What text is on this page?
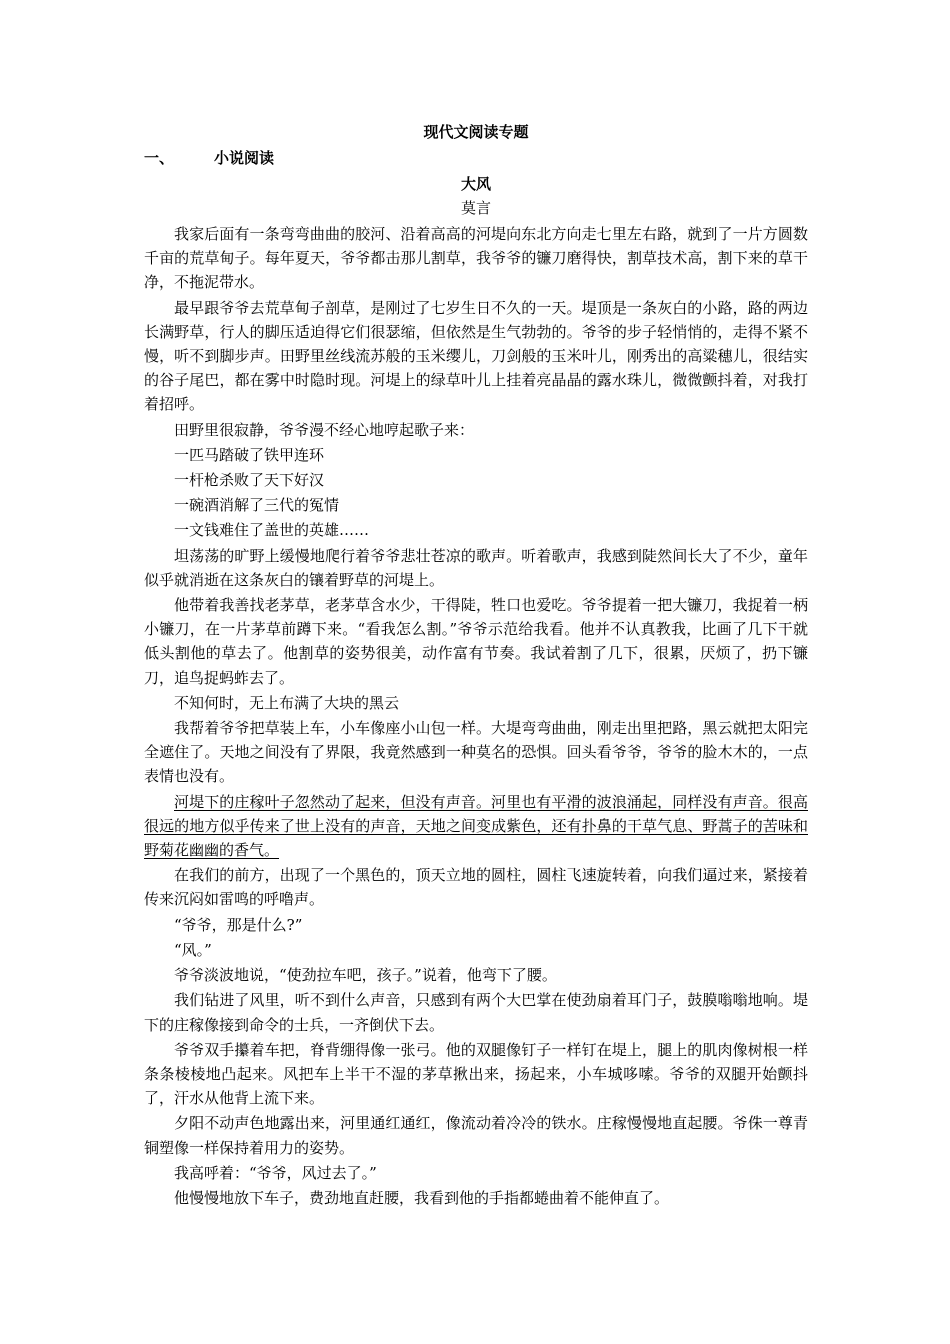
现代文阅读专题
一、	小说阅读
大风
莫言

我家后面有一条弯弯曲曲的胶河、沿着高高的河堤向东北方向走七里左右路，就到了一片方圆数千亩的荒草甸子。每年夏天，爷爷都击那儿割草，我爷爷的镰刀磨得快，割草技术高，割下来的草干净，不拖泥带水。

最早跟爷爷去荒草甸子剖草，是刚过了七岁生日不久的一天。堤顶是一条灰白的小路，路的两边长满野草，行人的脚压适迫得它们很瑟缩，但依然是生气勃勃的。爷爷的步子轻悄悄的，走得不紧不慢，听不到脚步声。田野里丝线流苏般的玉米缨儿，刀剑般的玉米叶儿，刚秀出的高粱穗儿，很结实的谷子尾巴，都在雾中时隐时现。河堤上的绿草叶儿上挂着亮晶晶的露水珠儿，微微颤抖着，对我打着招呼。

田野里很寂静，爷爷漫不经心地哼起歌子来：

一匹马踏破了铁甲连环

一杆枪杀败了天下好汉

一碗酒消解了三代的冤情

一文钱难住了盖世的英雄……

坦荡荡的旷野上缓慢地爬行着爷爷悲壮苍凉的歌声。听着歌声，我感到陡然间长大了不少，童年似乎就消逝在这条灰白的镶着野草的河堤上。

他带着我善找老茅草，老茅草含水少，干得陡，牲口也爱吃。爷爷提着一把大镰刀，我捉着一柄小镰刀，在一片茅草前蹲下来。“看我怎么割。”爷爷示范给我看。他并不认真教我，比画了几下干就低头割他的草去了。他割草的姿势很美，动作富有节奏。我试着割了几下，很累，厌烦了，扔下镰刀，追鸟捉蚂蚱去了。

不知何时，无上布满了大块的黑云

我帮着爷爷把草装上车，小车像座小山包一样。大堤弯弯曲曲，刚走出里把路，黑云就把太阳完全遮住了。天地之间没有了界限，我竟然感到一种莫名的恐惧。回头看爷爷，爷爷的脸木木的，一点表情也没有。

河堤下的庄稼叶子忽然动了起来，但没有声音。河里也有平滑的波浪涌起，同样没有声音。很高很远的地方似乎传来了世上没有的声音，天地之间变成紫色，还有扑鼻的干草气息、野蒿子的苦味和野菊花幽幽的香气。

在我们的前方，出现了一个黑色的，顶天立地的圆柱，圆柱飞速旋转着，向我们逼过来，紧接着传来沉闷如雷鸣的呼噜声。

“爷爷，那是什么?”

“风。”

爷爷淡波地说，“使劲拉车吧，孩子。”说着，他弯下了腰。

我们钻进了风里，听不到什么声音，只感到有两个大巴掌在使劲扇着耳门子，鼓膜嗡嗡地响。堤下的庄稼像接到命令的士兵，一齐倒伏下去。

爷爷双手攥着车把，脊背绷得像一张弓。他的双腿像钉子一样钉在堤上，腿上的肌肉像树根一样条条棱棱地凸起来。风把车上半干不湿的茅草揪出来，扬起来，小车城哆嗦。爷爷的双腿开始颤抖了，汗水从他背上流下来。

夕阳不动声色地露出来，河里通红通红，像流动着冷冷的铁水。庄稼慢慢地直起腰。爷侏一尊青铜塑像一样保持着用力的姿势。

我高呼着：“爷爷，风过去了。”

他慢慢地放下车子，费劲地直赶腰，我看到他的手指都蜷曲着不能伸直了。
